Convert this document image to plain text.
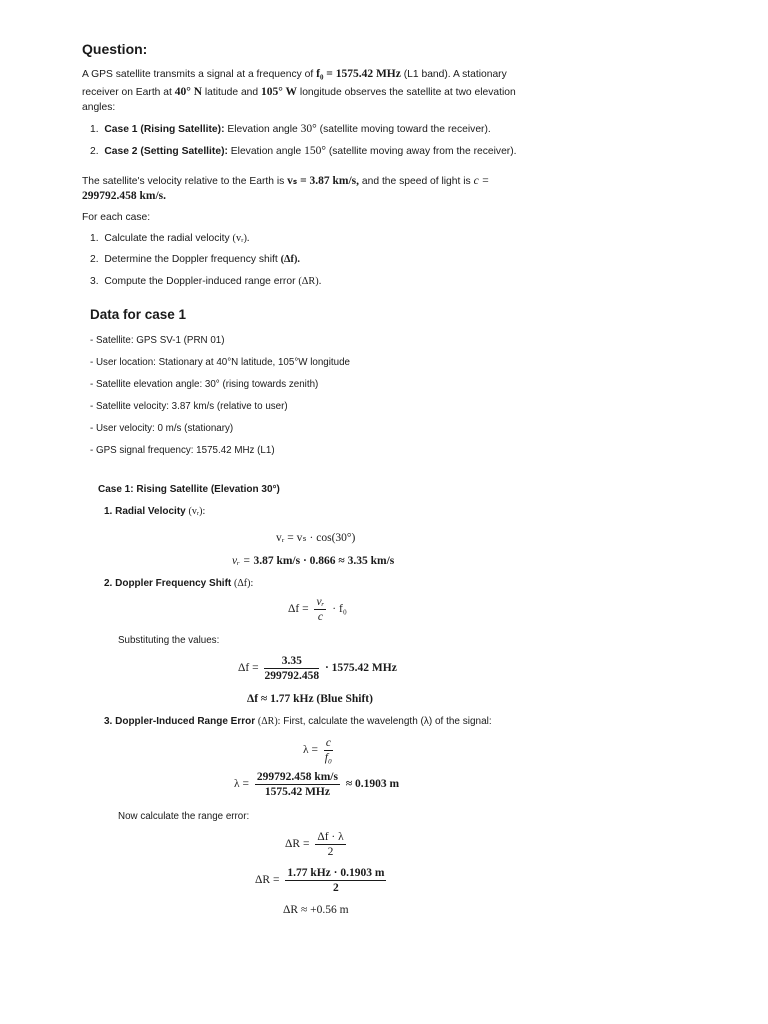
Question:
A GPS satellite transmits a signal at a frequency of f₀ = 1575.42 MHz (L1 band). A stationary
receiver on Earth at 40° N latitude and 105° W longitude observes the satellite at two elevation
angles:
1. Case 1 (Rising Satellite): Elevation angle 30° (satellite moving toward the receiver).
2. Case 2 (Setting Satellite): Elevation angle 150° (satellite moving away from the receiver).
The satellite's velocity relative to the Earth is vₛ = 3.87 km/s, and the speed of light is c =
299792.458 km/s.
For each case:
1. Calculate the radial velocity (vᵣ).
2. Determine the Doppler frequency shift (Δf).
3. Compute the Doppler-induced range error (ΔR).
Data for case 1
- Satellite: GPS SV-1 (PRN 01)
- User location: Stationary at 40°N latitude, 105°W longitude
- Satellite elevation angle: 30° (rising towards zenith)
- Satellite velocity: 3.87 km/s (relative to user)
- User velocity: 0 m/s (stationary)
- GPS signal frequency: 1575.42 MHz (L1)
Case 1: Rising Satellite (Elevation 30°)
1. Radial Velocity (vᵣ):
vᵣ = vₛ · cos(30°)
vᵣ = 3.87 km/s · 0.866 ≈ 3.35 km/s
2. Doppler Frequency Shift (Δf):
$\Delta f = \frac{\text{vᵣ}}{c} \cdot f_0$
Substituting the values:
$\Delta f = \frac{3.35}{299792.458} \cdot 1575.42$ MHz
Δf ≈ 1.77 kHz (Blue Shift)
3. Doppler-Induced Range Error (ΔR): First, calculate the wavelength (λ) of the signal:
$\lambda = \frac{c}{\text{f₀}}$
$\lambda = \frac{299792.458 km/s}{\text{1575.42 MHz}} \approx 0.1903$ m
Now calculate the range error:
$\Delta R = \frac{\Delta f \cdot \lambda}{2}$
$\Delta R = \frac{\text{1.77 kHz · 0.1903 m}}{2}$
ΔR ≈ +0.56 m
